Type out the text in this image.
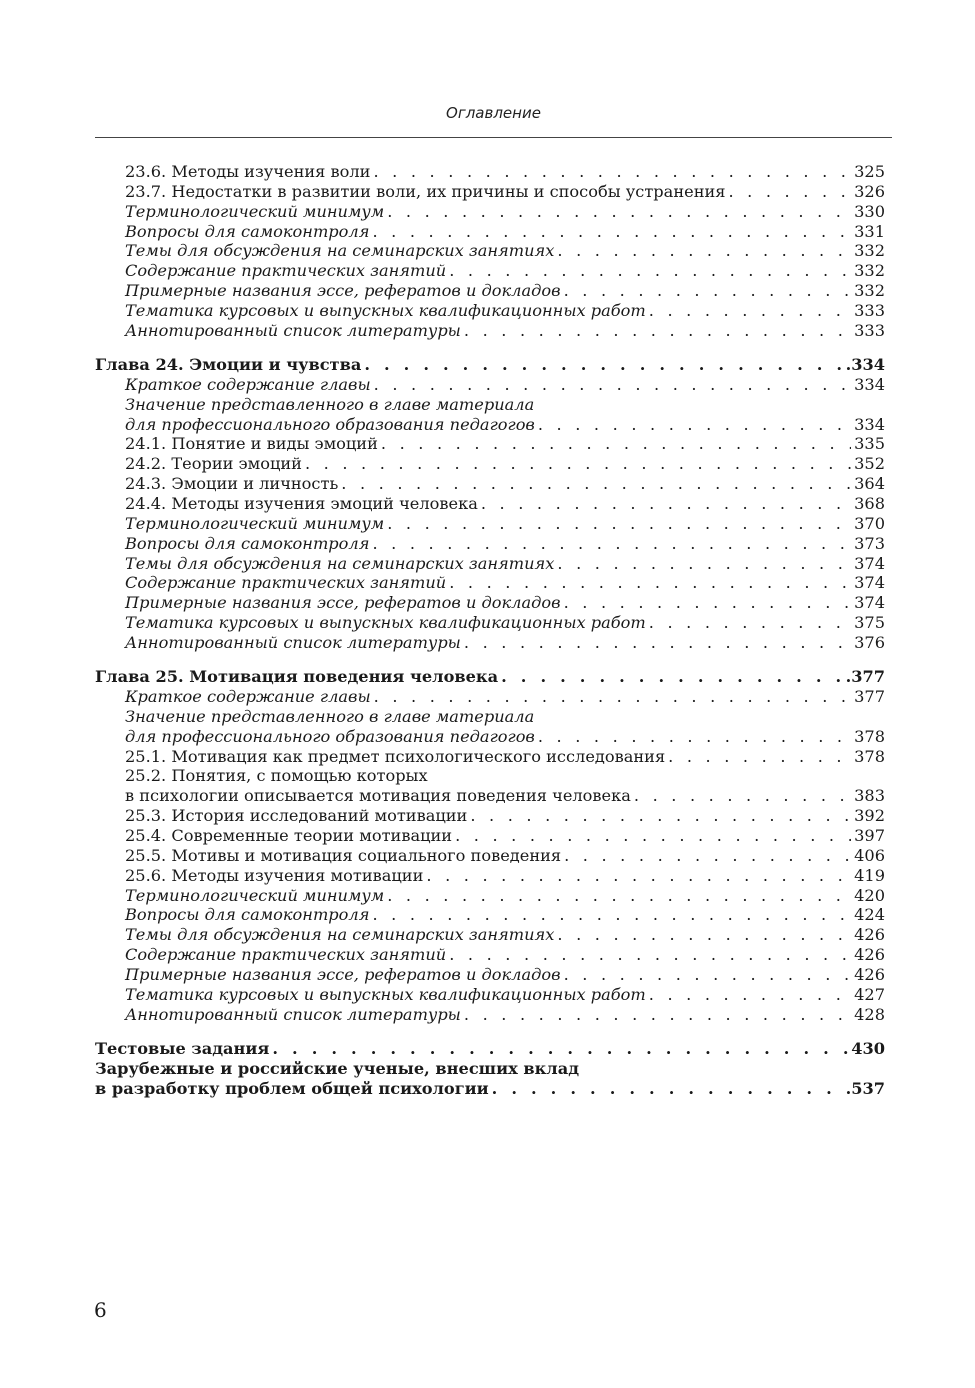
Оглавление
23.6. Методы изучения воли . . .	325
23.7. Недостатки в развитии воли, их причины и способы устранения . . .	326
Терминологический минимум . . .	330
Вопросы для самоконтроля . . .	331
Темы для обсуждения на семинарских занятиях . . .	332
Содержание практических занятий . . .	332
Примерные названия эссе, рефератов и докладов . . .	332
Тематика курсовых и выпускных квалификационных работ . . .	333
Аннотированный список литературы . . .	333
Глава 24. Эмоции и чувства . . .	.334
Краткое содержание главы . . .	334
Значение представленного в главе материала
для профессионального образования педагогов . . .	334
24.1. Понятие и виды эмоций . . .	335
24.2. Теории эмоций . . .	352
24.3. Эмоции и личность . . .	364
24.4. Методы изучения эмоций человека . . .	368
Терминологический минимум . . .	370
Вопросы для самоконтроля . . .	373
Темы для обсуждения на семинарских занятиях . . .	374
Содержание практических занятий . . .	374
Примерные названия эссе, рефератов и докладов . . .	374
Тематика курсовых и выпускных квалификационных работ . . .	375
Аннотированный список литературы . . .	376
Глава 25. Мотивация поведения человека . . .	.377
Краткое содержание главы . . .	377
Значение представленного в главе материала
для профессионального образования педагогов . . .	378
25.1. Мотивация как предмет психологического исследования . . .	378
25.2. Понятия, с помощью которых
в психологии описывается мотивация поведения человека . . .	383
25.3. История исследований мотивации . . .	392
25.4. Современные теории мотивации . . .	397
25.5. Мотивы и мотивация социального поведения . . .	406
25.6. Методы изучения мотивации . . .	419
Терминологический минимум . . .	420
Вопросы для самоконтроля . . .	424
Темы для обсуждения на семинарских занятиях . . .	426
Содержание практических занятий . . .	426
Примерные названия эссе, рефератов и докладов . . .	426
Тематика курсовых и выпускных квалификационных работ . . .	427
Аннотированный список литературы . . .	428
Тестовые задания . . .	430
Зарубежные и российские ученые, внесших вклад
в разработку проблем общей психологии . . .	.537
6
